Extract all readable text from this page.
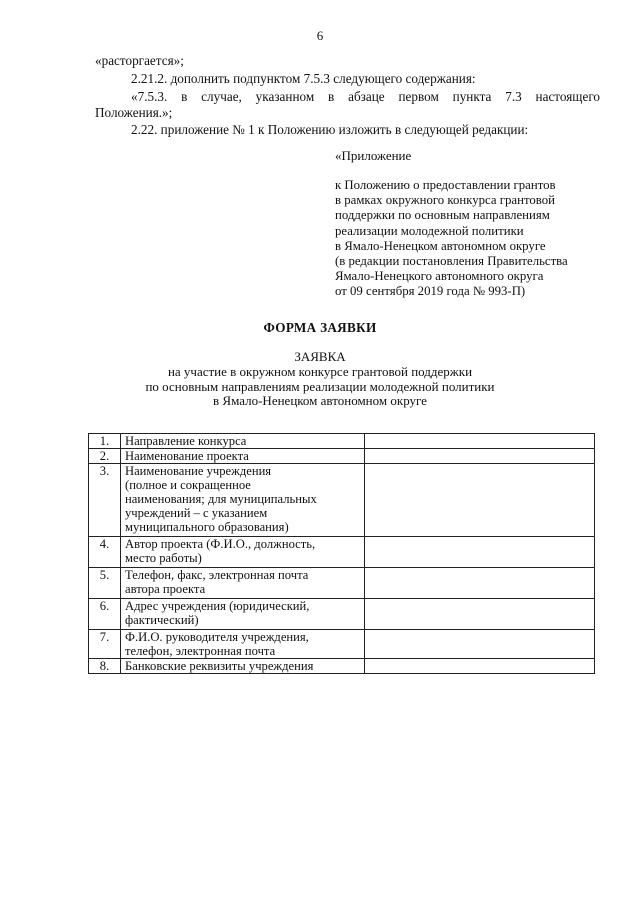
6
«расторгается»;
2.21.2. дополнить подпунктом 7.5.3 следующего содержания:
«7.5.3. в случае, указанном в абзаце первом пункта 7.3 настоящего
Положения.»;
2.22. приложение № 1 к Положению изложить в следующей редакции:
«Приложение
к Положению о предоставлении грантов
в рамках окружного конкурса грантовой
поддержки по основным направлениям
реализации молодежной политики
в Ямало-Ненецком автономном округе
(в редакции постановления Правительства
Ямало-Ненецкого автономного округа
от 09 сентября 2019 года № 993-П)
ФОРМА ЗАЯВКИ
ЗАЯВКА
на участие в окружном конкурсе грантовой поддержки
по основным направлениям реализации молодежной политики
в Ямало-Ненецком автономном округе
1.	Направление конкурса	

2.	Наименование проекта	

3.	Наименование учреждения
(полное и сокращенное
наименования; для муниципальных
учреждений – с указанием
муниципального образования)	

4.	Автор проекта (Ф.И.О., должность,
место работы)	

5.	Телефон, факс, электронная почта
автора проекта	

6.	Адрес учреждения (юридический,
фактический)	

7.	Ф.И.О. руководителя учреждения,
телефон, электронная почта	

8.	Банковские реквизиты учреждения	
